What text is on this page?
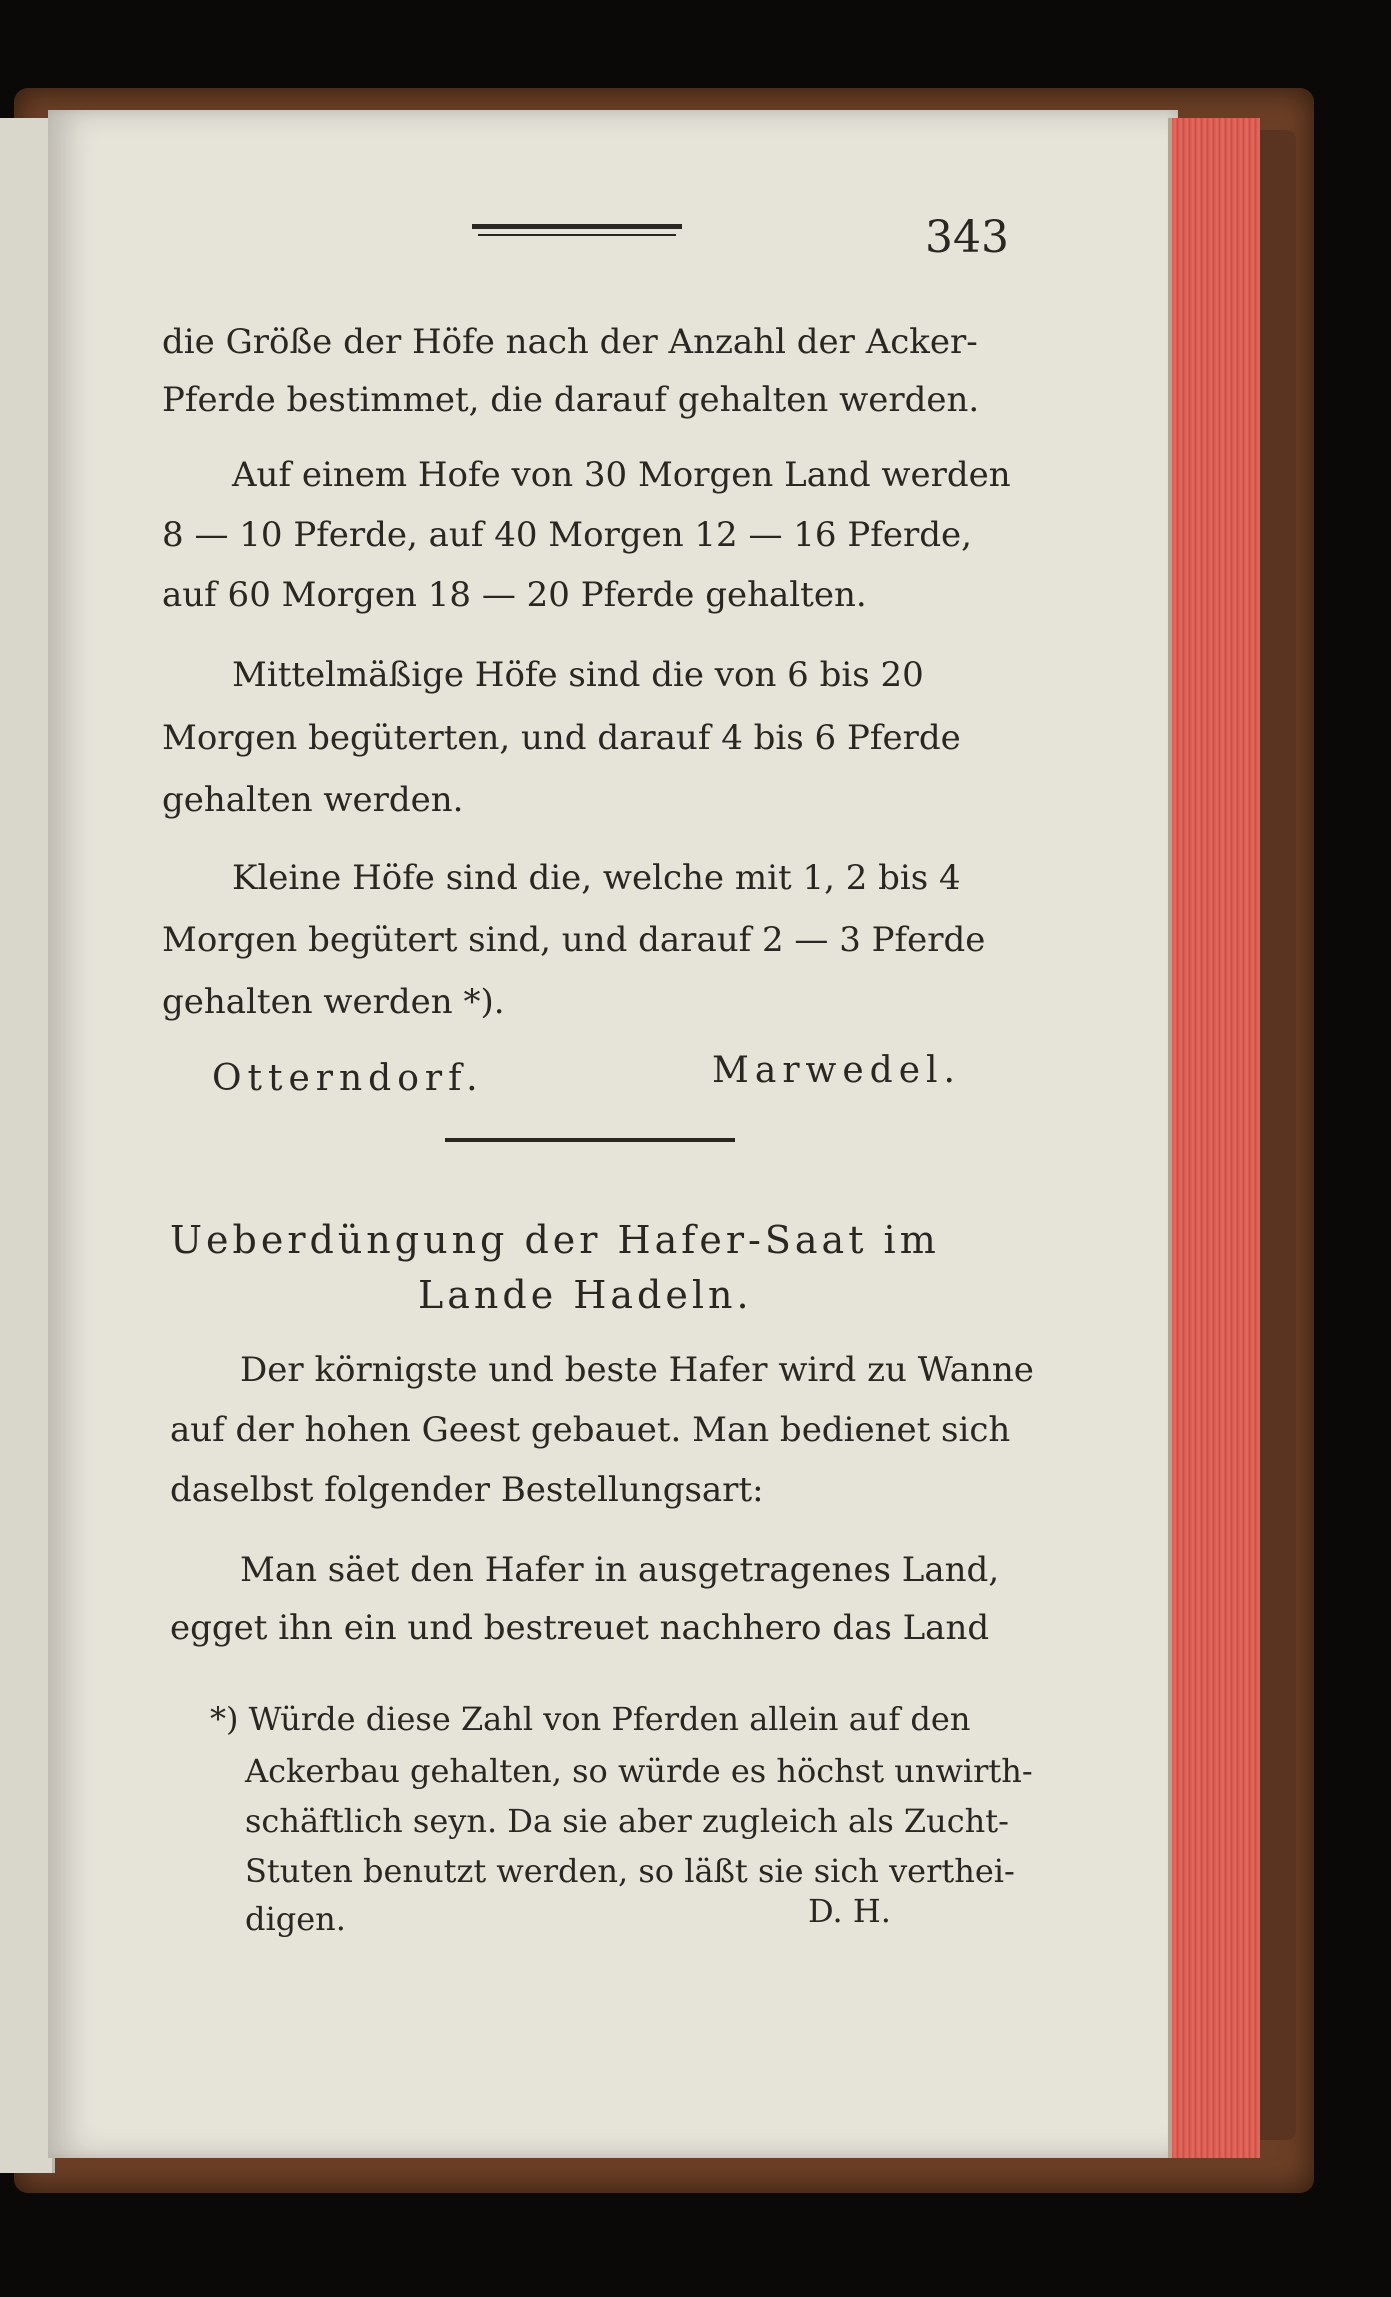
343
die Größe der Höfe nach der Anzahl der Acker-
Pferde bestimmet, die darauf gehalten werden.
Auf einem Hofe von 30 Morgen Land werden
8 — 10 Pferde, auf 40 Morgen 12 — 16 Pferde,
auf 60 Morgen 18 — 20 Pferde gehalten.
Mittelmäßige Höfe sind die von 6 bis 20
Morgen begüterten, und darauf 4 bis 6 Pferde
gehalten werden.
Kleine Höfe sind die, welche mit 1, 2 bis 4
Morgen begütert sind, und darauf 2 — 3 Pferde
gehalten werden *).
Otterndorf.	Marwedel.
Ueberdüngung der Hafer-Saat im
Lande Hadeln.
Der körnigste und beste Hafer wird zu Wanne
auf der hohen Geest gebauet. Man bedienet sich
daselbst folgender Bestellungsart:
Man säet den Hafer in ausgetragenes Land,
egget ihn ein und bestreuet nachhero das Land
*) Würde diese Zahl von Pferden allein auf den
Ackerbau gehalten, so würde es höchst unwirth-
schäftlich seyn. Da sie aber zugleich als Zucht-
Stuten benutzt werden, so läßt sie sich verthei-
digen.	D. H.
